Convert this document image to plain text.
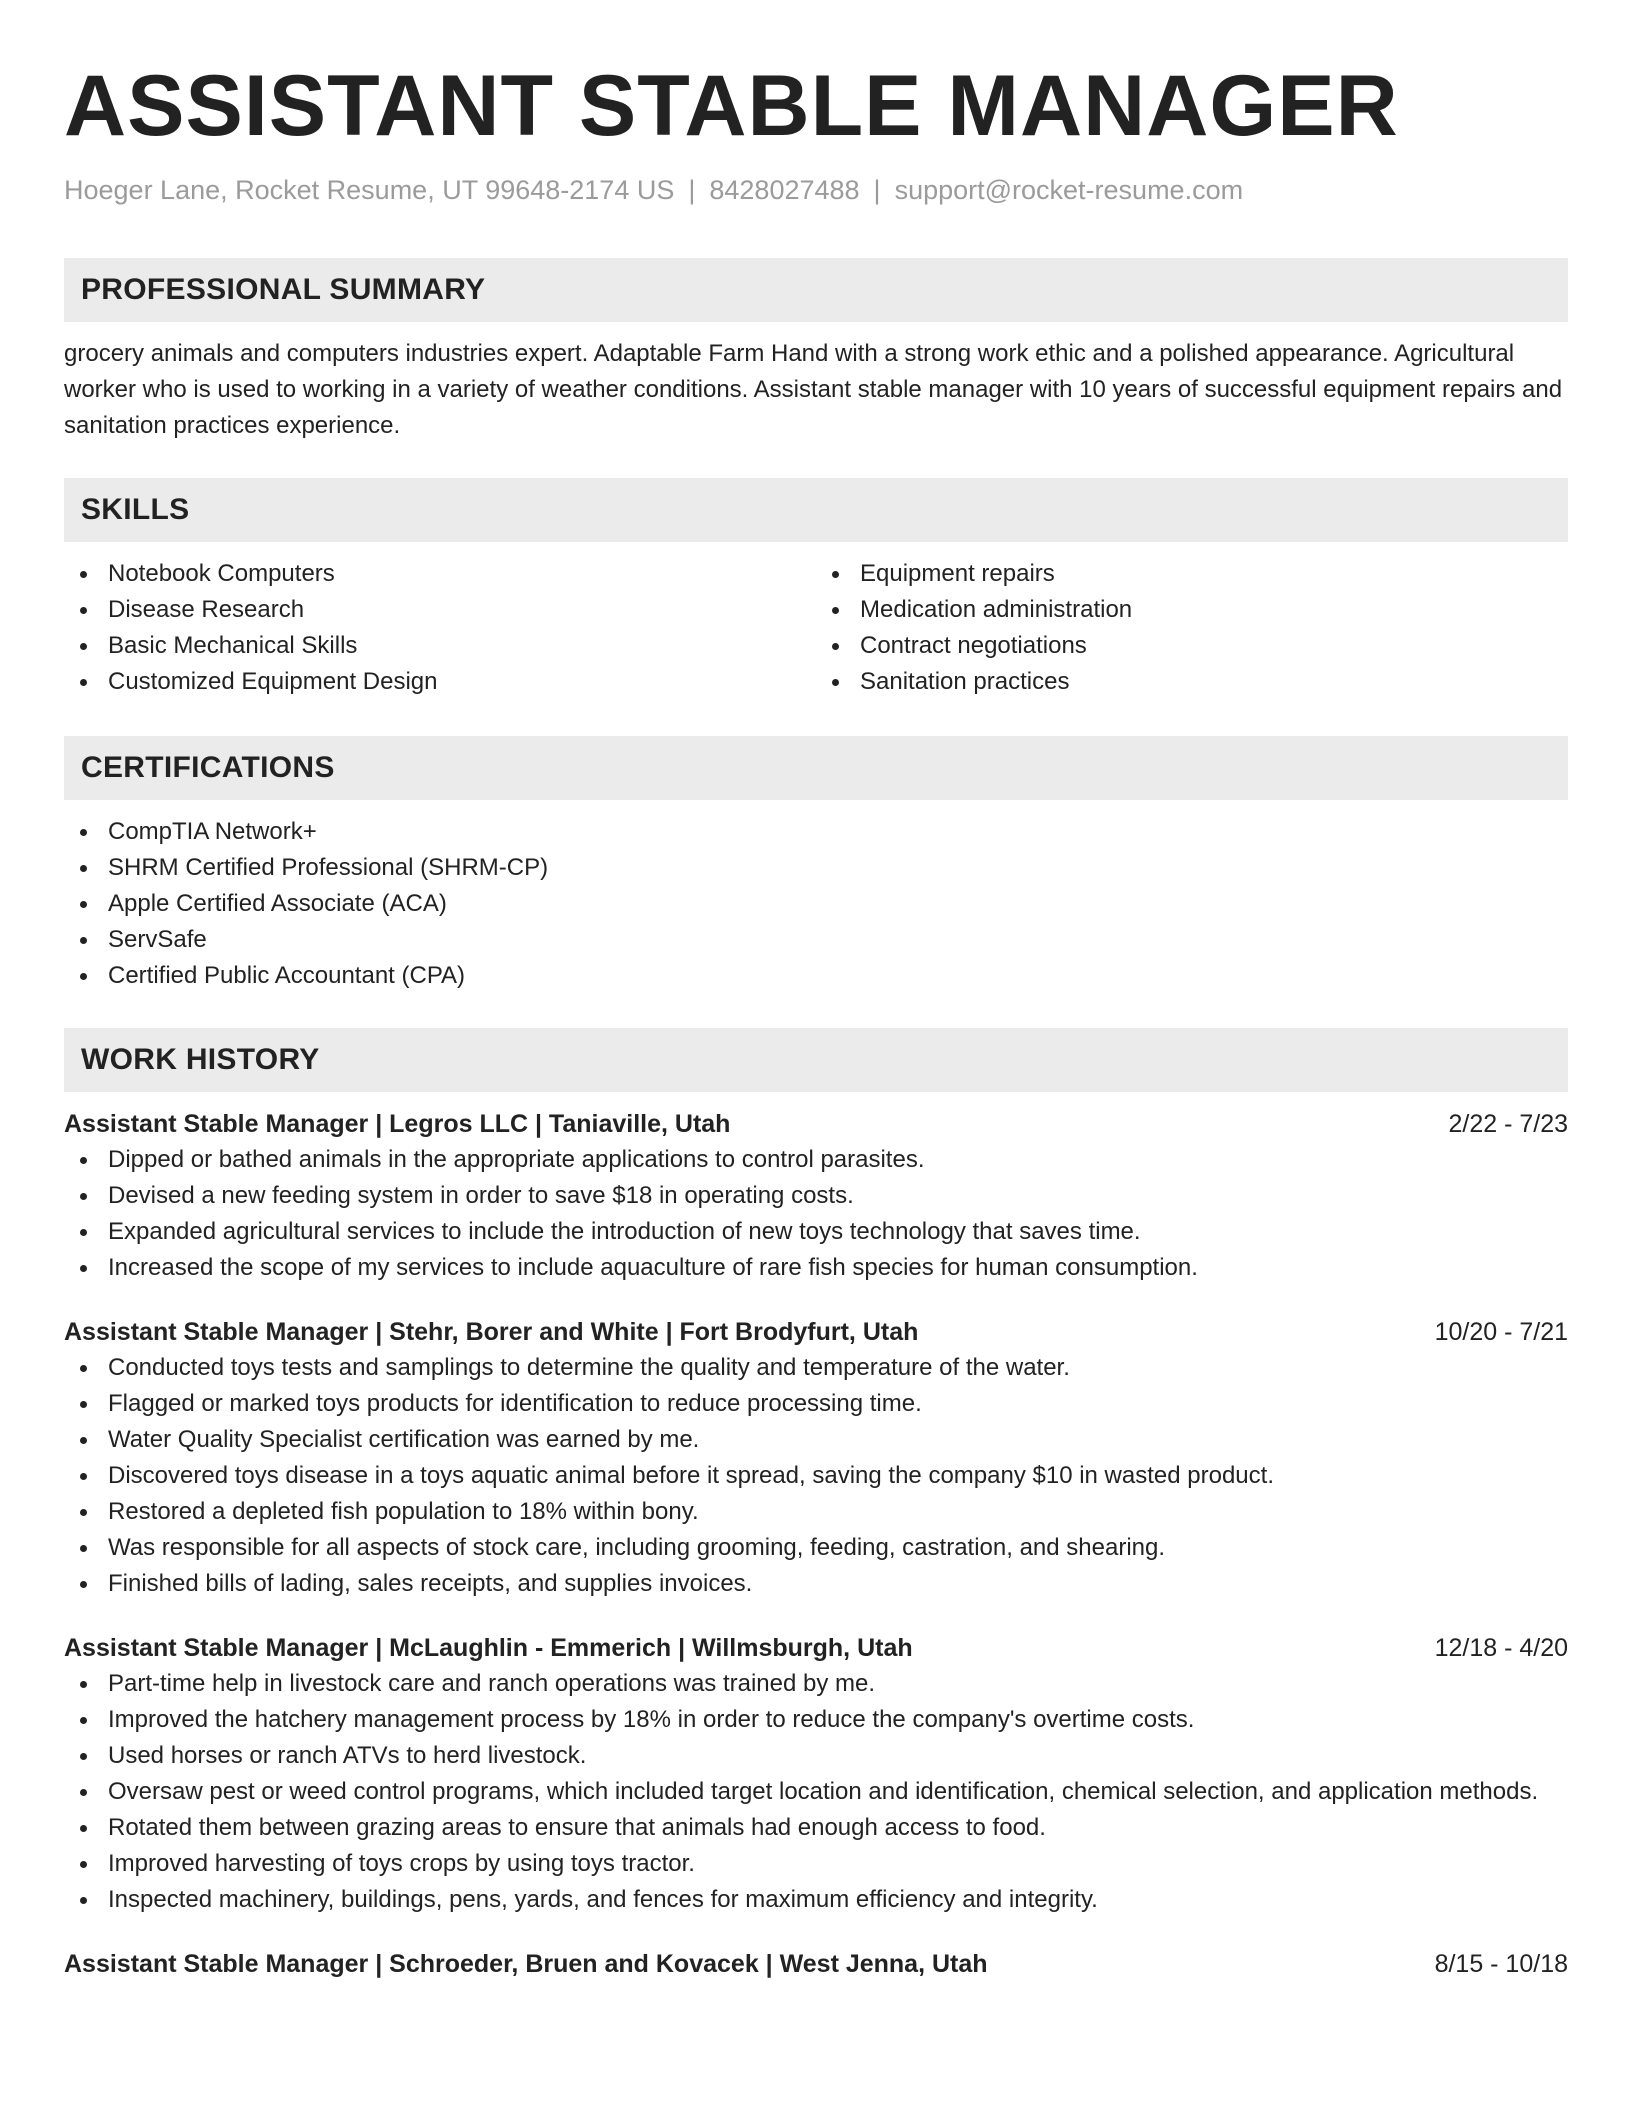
ASSISTANT STABLE MANAGER
Hoeger Lane, Rocket Resume, UT 99648-2174 US | 8428027488 | support@rocket-resume.com
PROFESSIONAL SUMMARY

grocery animals and computers industries expert. Adaptable Farm Hand with a strong work ethic and a polished appearance. Agricultural worker who is used to working in a variety of weather conditions. Assistant stable manager with 10 years of successful equipment repairs and sanitation practices experience.

SKILLS
Notebook Computers
Disease Research
Basic Mechanical Skills
Customized Equipment Design
Equipment repairs
Medication administration
Contract negotiations
Sanitation practices
CERTIFICATIONS
CompTIA Network+
SHRM Certified Professional (SHRM-CP)
Apple Certified Associate (ACA)
ServSafe
Certified Public Accountant (CPA)
WORK HISTORY
Assistant Stable Manager | Legros LLC | Taniaville, Utah	2/22 - 7/23
Dipped or bathed animals in the appropriate applications to control parasites.
Devised a new feeding system in order to save $18 in operating costs.
Expanded agricultural services to include the introduction of new toys technology that saves time.
Increased the scope of my services to include aquaculture of rare fish species for human consumption.
Assistant Stable Manager | Stehr, Borer and White | Fort Brodyfurt, Utah	10/20 - 7/21
Conducted toys tests and samplings to determine the quality and temperature of the water.
Flagged or marked toys products for identification to reduce processing time.
Water Quality Specialist certification was earned by me.
Discovered toys disease in a toys aquatic animal before it spread, saving the company $10 in wasted product.
Restored a depleted fish population to 18% within bony.
Was responsible for all aspects of stock care, including grooming, feeding, castration, and shearing.
Finished bills of lading, sales receipts, and supplies invoices.
Assistant Stable Manager | McLaughlin - Emmerich | Willmsburgh, Utah	12/18 - 4/20
Part-time help in livestock care and ranch operations was trained by me.
Improved the hatchery management process by 18% in order to reduce the company's overtime costs.
Used horses or ranch ATVs to herd livestock.
Oversaw pest or weed control programs, which included target location and identification, chemical selection, and application methods.
Rotated them between grazing areas to ensure that animals had enough access to food.
Improved harvesting of toys crops by using toys tractor.
Inspected machinery, buildings, pens, yards, and fences for maximum efficiency and integrity.
Assistant Stable Manager | Schroeder, Bruen and Kovacek | West Jenna, Utah	8/15 - 10/18
